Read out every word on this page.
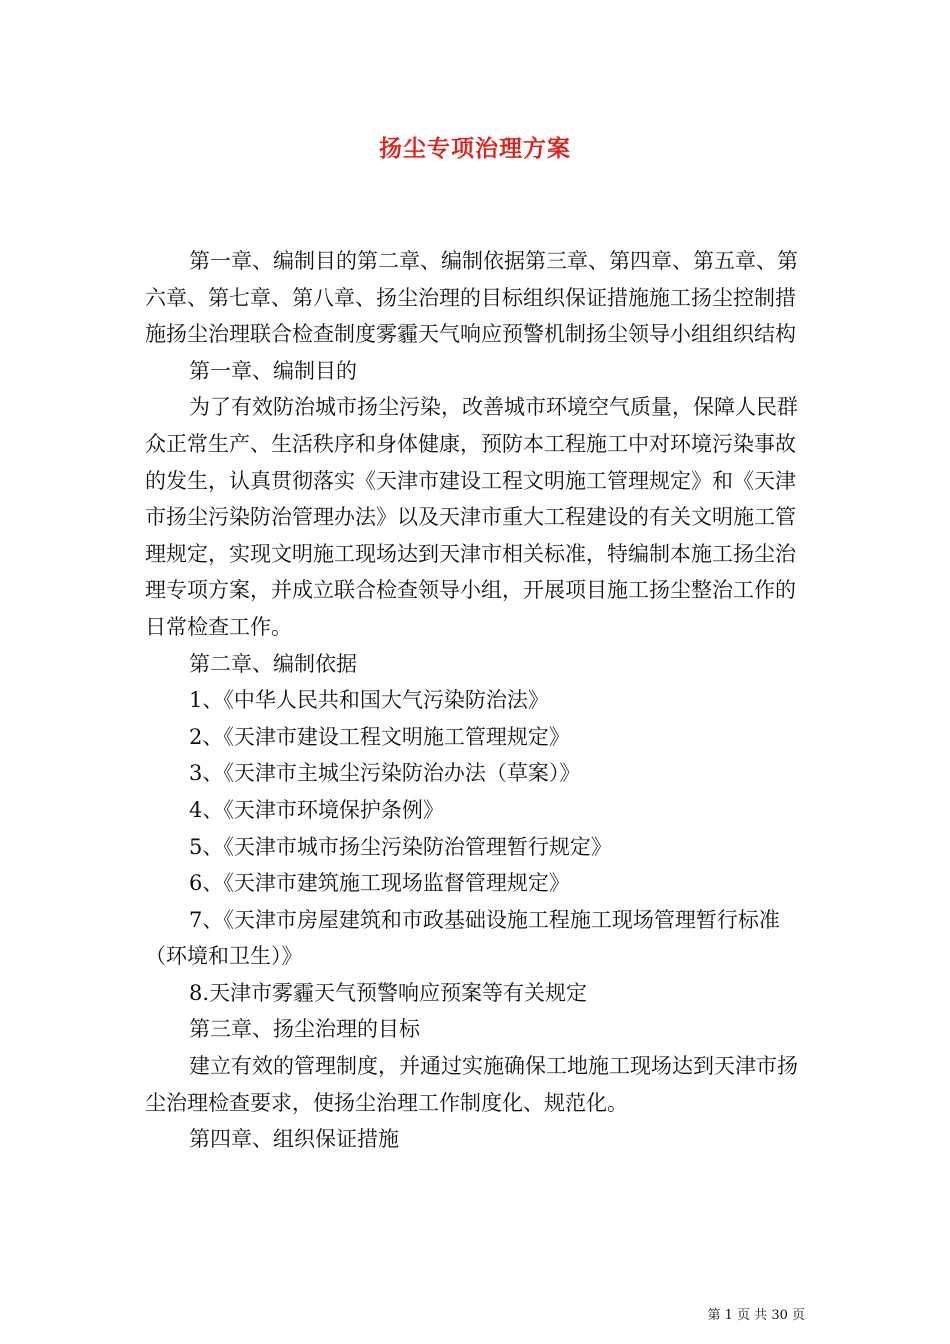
扬尘专项治理方案

第一章、编制目的第二章、编制依据第三章、第四章、第五章、第六章、第七章、第八章、扬尘治理的目标组织保证措施施工扬尘控制措施扬尘治理联合检查制度雾霾天气响应预警机制扬尘领导小组组织结构

第一章、编制目的

为了有效防治城市扬尘污染，改善城市环境空气质量，保障人民群众正常生产、生活秩序和身体健康，预防本工程施工中对环境污染事故的发生，认真贯彻落实《天津市建设工程文明施工管理规定》和《天津市扬尘污染防治管理办法》以及天津市重大工程建设的有关文明施工管理规定，实现文明施工现场达到天津市相关标准，特编制本施工扬尘治理专项方案，并成立联合检查领导小组，开展项目施工扬尘整治工作的日常检查工作。

第二章、编制依据

1、《中华人民共和国大气污染防治法》

2、《天津市建设工程文明施工管理规定》

3、《天津市主城尘污染防治办法（草案）》

4、《天津市环境保护条例》

5、《天津市城市扬尘污染防治管理暂行规定》

6、《天津市建筑施工现场监督管理规定》

7、《天津市房屋建筑和市政基础设施工程施工现场管理暂行标准（环境和卫生）》

8.天津市雾霾天气预警响应预案等有关规定

第三章、扬尘治理的目标

建立有效的管理制度，并通过实施确保工地施工现场达到天津市扬尘治理检查要求，使扬尘治理工作制度化、规范化。

第四章、组织保证措施

第 1 页 共 30 页
